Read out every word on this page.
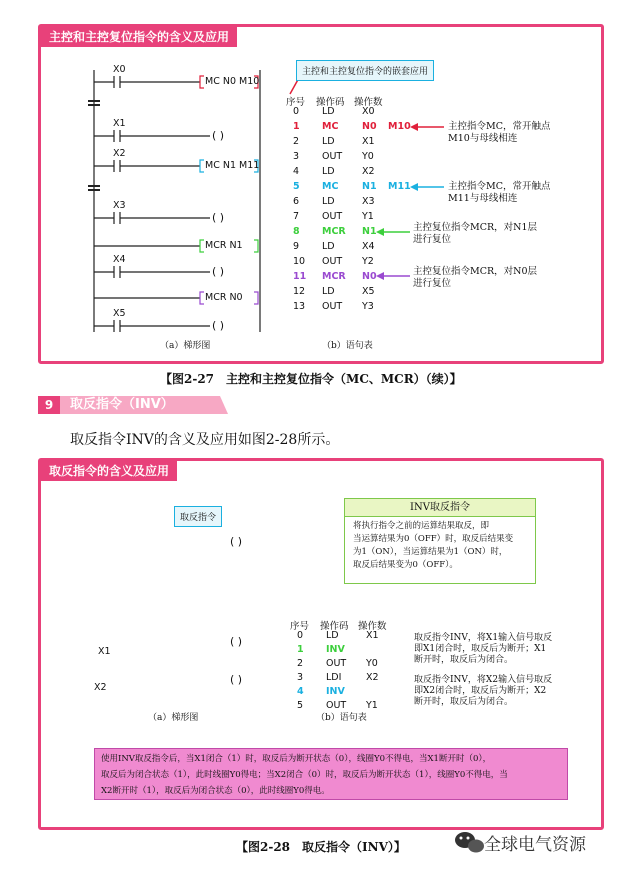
主控和主控复位指令的含义及应用
X0
X1
X2
X3
X4
X5
MC N0 M10
MC N1 M11
MCR N1
MCR N0
( )
( )
( )
( )
（a）梯形图	（b）语句表
主控和主控复位指令的嵌套应用
序号 操作码 操作数
0 LD	X0
1 MC N0 M10
2 LD	X1
3 OUT Y0
4 LD	X2
5 MC N1 M11
6 LD	X3
7 OUT Y1
8 MCR N1
9 LD	X4
10 OUT Y2
11 MCR N0
12 LD	X5
13 OUT Y3
主控指令MC，常开触点
M10与母线相连
主控指令MC，常开触点
M11与母线相连
主控复位指令MCR，对N1层
进行复位
主控复位指令MCR，对N0层
进行复位
【图2-27　主控和主控复位指令（MC、MCR）（续）】
9	取反指令（INV）
取反指令INV的含义及应用如图2-28所示。
取反指令的含义及应用
取反指令
( )
INV取反指令
将执行指令之前的运算结果取反，即
当运算结果为0（OFF）时，取反后结果变
为1（ON），当运算结果为1（ON）时，
取反后结果变为0（OFF）。
X1
X2
( )
( )
（a）梯形图	（b）语句表
序号 操作码 操作数
0 LD	X1
1 INV
2 OUT Y0
3 LDI	X2
4 INV
5 OUT Y1
取反指令INV，将X1输入信号取反
即X1闭合时，取反后为断开；X1
断开时，取反后为闭合。
取反指令INV，将X2输入信号取反
即X2闭合时，取反后为断开；X2
断开时，取反后为闭合。
使用INV取反指令后，当X1闭合（1）时，取反后为断开状态（0），线圈Y0不得电，当X1断开时（0），
取反后为闭合状态（1），此时线圈Y0得电；当X2闭合（0）时，取反后为断开状态（1），线圈Y0不得电，当
X2断开时（1），取反后为闭合状态（0），此时线圈Y0得电。
【图2-28　取反指令（INV）】	全球电气资源
